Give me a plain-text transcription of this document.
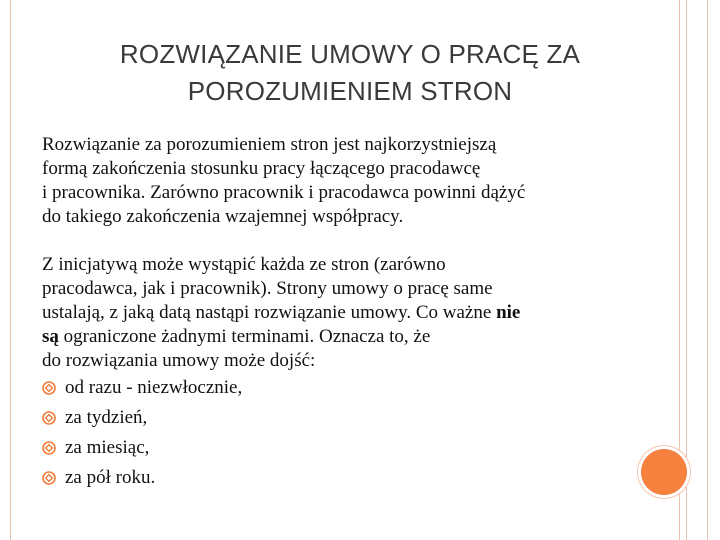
ROZWIĄZANIE UMOWY O PRACĘ ZA
POROZUMIENIEM STRON

Rozwiązanie za porozumieniem stron jest najkorzystniejszą
formą zakończenia stosunku pracy łączącego pracodawcę
i pracownika. Zarówno pracownik i pracodawca powinni dążyć
do takiego zakończenia wzajemnej współpracy.

Z inicjatywą może wystąpić każda ze stron (zarówno
pracodawca, jak i pracownik). Strony umowy o pracę same
ustalają, z jaką datą nastąpi rozwiązanie umowy. Co ważne nie
są ograniczone żadnymi terminami. Oznacza to, że
do rozwiązania umowy może dojść:

od razu - niezwłocznie,
za tydzień,
za miesiąc,
za pół roku.
